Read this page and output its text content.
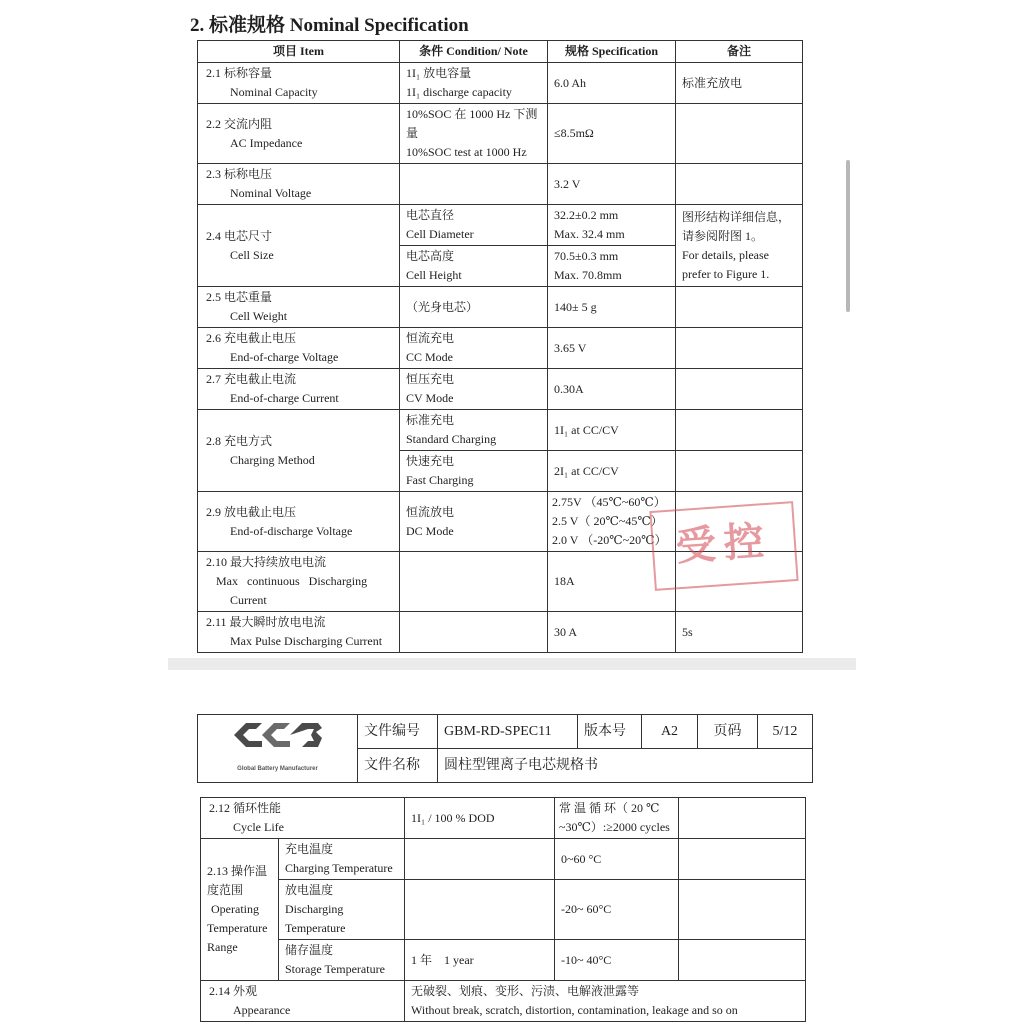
2. 标准规格 Nominal Specification
项目 Item	条件 Condition/ Note	规格 Specification	备注

2.1 标称容量
Nominal Capacity	1I₁ 放电容量
1I₁ discharge capacity	6.0 Ah	标准充放电

2.2 交流内阻
AC Impedance	10%SOC 在 1000 Hz 下测
量
10%SOC test at 1000 Hz	≤8.5mΩ	

2.3 标称电压
Nominal Voltage		3.2 V	

2.4 电芯尺寸
Cell Size	电芯直径
Cell Diameter	32.2±0.2 mm
Max. 32.4 mm	图形结构详细信息，
请参阅附图 1。
For details, please
prefer to Figure 1.

	电芯高度
Cell Height	70.5±0.3 mm
Max. 70.8mm	

2.5 电芯重量
Cell Weight	（光身电芯）	140± 5 g	

2.6 充电截止电压
End-of-charge Voltage	恒流充电
CC Mode	3.65 V	

2.7 充电截止电流
End-of-charge Current	恒压充电
CV Mode	0.30A	

2.8 充电方式
Charging Method	标准充电
Standard Charging	1I₁ at CC/CV	

	快速充电
Fast Charging	2I₁ at CC/CV	

2.9 放电截止电压
End-of-discharge Voltage	恒流放电
DC Mode	2.75V （45℃~60℃）
2.5 V（ 20℃~45℃）
2.0 V （-20℃~20℃）	

2.10 最大持续放电电流
Max   continuous   Discharging
Current		18A	

2.11 最大瞬时放电电流
Max Pulse Discharging Current		30 A	5s
受控
Global Battery Manufacturer	文件编号	GBM-RD-SPEC11	版本号	A2	页码	5/12
	文件名称	圆柱型锂离子电芯规格书				
2.12 循环性能
Cycle Life		1I₁ / 100 % DOD	常 温 循 环（ 20 ℃
~30℃）:≥2000 cycles	

2.13 操作温
度范围
Operating
Temperature
Range	充电温度
Charging Temperature		0~60 °C	

	放电温度
Discharging
Temperature		-20~ 60°C	

	储存温度
Storage Temperature	1 年    1 year	-10~ 40°C	

2.14 外观
Appearance		无破裂、划痕、变形、污渍、电解液泄露等
Without break, scratch, distortion, contamination, leakage and so on		
